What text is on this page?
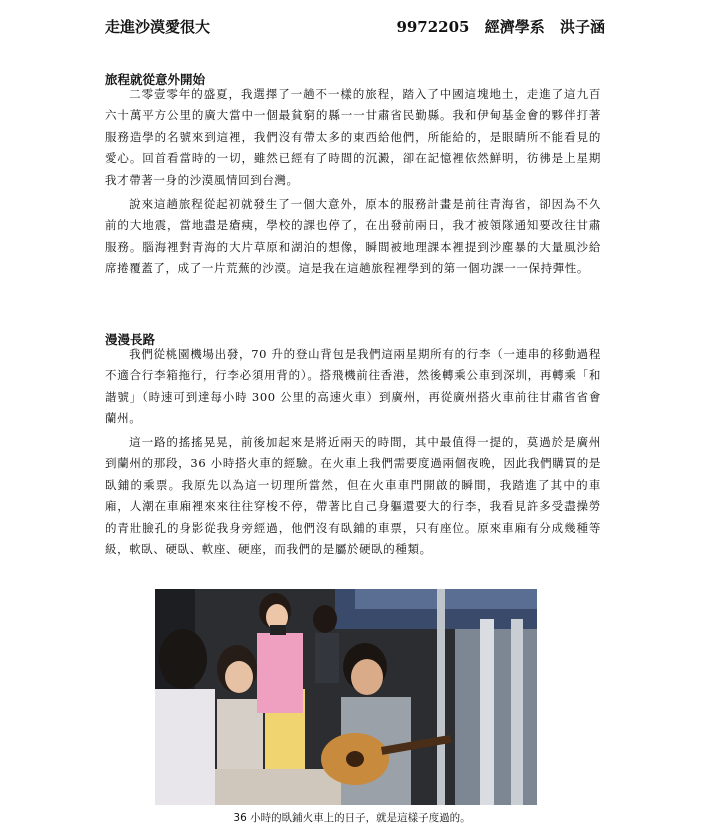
走進沙漠愛很大	9972205 經濟學系 洪子涵
旅程就從意外開始

二零壹零年的盛夏，我選擇了一趟不一樣的旅程，踏入了中國這塊地土，走進了這九百六十萬平方公里的廣大當中一個最貧窮的縣一一甘肅省民勤縣。我和伊甸基金會的夥伴打著服務造學的名號來到這裡，我們沒有帶太多的東西給他們，所能給的，是眼睛所不能看見的愛心。回首看當時的一切，雖然已經有了時間的沉澱，卻在記憶裡依然鮮明，彷彿是上星期我才帶著一身的沙漠風情回到台灣。

說來這趟旅程從起初就發生了一個大意外，原本的服務計畫是前往青海省，卻因為不久前的大地震，當地盡是瘡痍，學校的課也停了，在出發前兩日，我才被領隊通知要改往甘肅服務。腦海裡對青海的大片草原和湖泊的想像，瞬間被地理課本裡提到沙塵暴的大量風沙給席捲覆蓋了，成了一片荒蕪的沙漠。這是我在這趟旅程裡學到的第一個功課一一保持彈性。

漫漫長路

我們從桃園機場出發，70 升的登山背包是我們這兩星期所有的行李（一連串的移動過程不適合行李箱拖行，行李必須用背的）。搭飛機前往香港，然後轉乘公車到深圳，再轉乘「和諧號」（時速可到達每小時 300 公里的高速火車）到廣州，再從廣州搭火車前往甘肅省省會蘭州。

這一路的搖搖晃晃，前後加起來是將近兩天的時間，其中最值得一提的，莫過於是廣州到蘭州的那段，36 小時搭火車的經驗。在火車上我們需要度過兩個夜晚，因此我們購買的是臥鋪的乘票。我原先以為這一切理所當然，但在火車車門開啟的瞬間，我踏進了其中的車廂，人潮在車廂裡來來往往穿梭不停，帶著比自己身軀還要大的行李，我看見許多受盡操勞的青壯臉孔的身影從我身旁經過，他們沒有臥鋪的車票，只有座位。原來車廂有分成幾種等級，軟臥、硬臥、軟座、硬座，而我們的是屬於硬臥的種類。

36 小時的臥鋪火車上的日子，就是這樣子度過的。
